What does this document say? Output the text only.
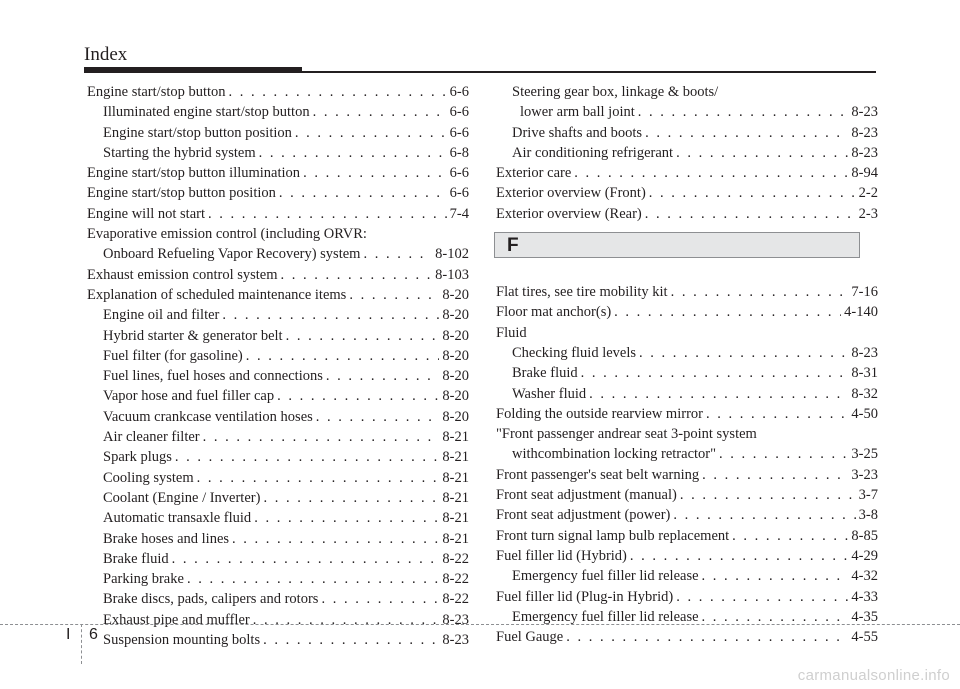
Index
Engine start/stop button . . .	6-6
Illuminated engine start/stop button . . .	6-6
Engine start/stop button position . . .	6-6
Starting the hybrid system . . .	6-8
Engine start/stop button illumination . . .	6-6
Engine start/stop button position . . .	6-6
Engine will not start . . .	7-4
Evaporative emission control (including ORVR:
Onboard Refueling Vapor Recovery) system . . .	8-102
Exhaust emission control system . . .	8-103
Explanation of scheduled maintenance items . . .	8-20
Engine oil and filter . . .	8-20
Hybrid starter & generator belt . . .	8-20
Fuel filter (for gasoline) . . .	8-20
Fuel lines, fuel hoses and connections . . .	8-20
Vapor hose and fuel filler cap . . .	8-20
Vacuum crankcase ventilation hoses . . .	8-20
Air cleaner filter . . .	8-21
Spark plugs . . .	8-21
Cooling system . . .	8-21
Coolant (Engine / Inverter) . . .	8-21
Automatic transaxle fluid . . .	8-21
Brake hoses and lines . . .	8-21
Brake fluid . . .	8-22
Parking brake . . .	8-22
Brake discs, pads, calipers and rotors . . .	8-22
Exhaust pipe and muffler . . .	8-23
Suspension mounting bolts . . .	8-23
Steering gear box, linkage & boots/
lower arm ball joint . . .	8-23
Drive shafts and boots . . .	8-23
Air conditioning refrigerant . . .	8-23
Exterior care . . .	8-94
Exterior overview (Front) . . .	2-2
Exterior overview (Rear) . . .	2-3
F
Flat tires, see tire mobility kit . . .	7-16
Floor mat anchor(s) . . .	4-140
Fluid
Checking fluid levels . . .	8-23
Brake fluid . . .	8-31
Washer fluid . . .	8-32
Folding the outside rearview mirror . . .	4-50
"Front passenger andrear seat 3-point system
withcombination locking retractor" . . .	3-25
Front passenger's seat belt warning . . .	3-23
Front seat adjustment (manual) . . .	3-7
Front seat adjustment (power) . . .	3-8
Front turn signal lamp bulb replacement . . .	8-85
Fuel filler lid (Hybrid) . . .	4-29
Emergency fuel filler lid release . . .	4-32
Fuel filler lid (Plug-in Hybrid) . . .	4-33
Emergency fuel filler lid release . . .	4-35
Fuel Gauge . . .	4-55
I 6
carmanualsonline.info
